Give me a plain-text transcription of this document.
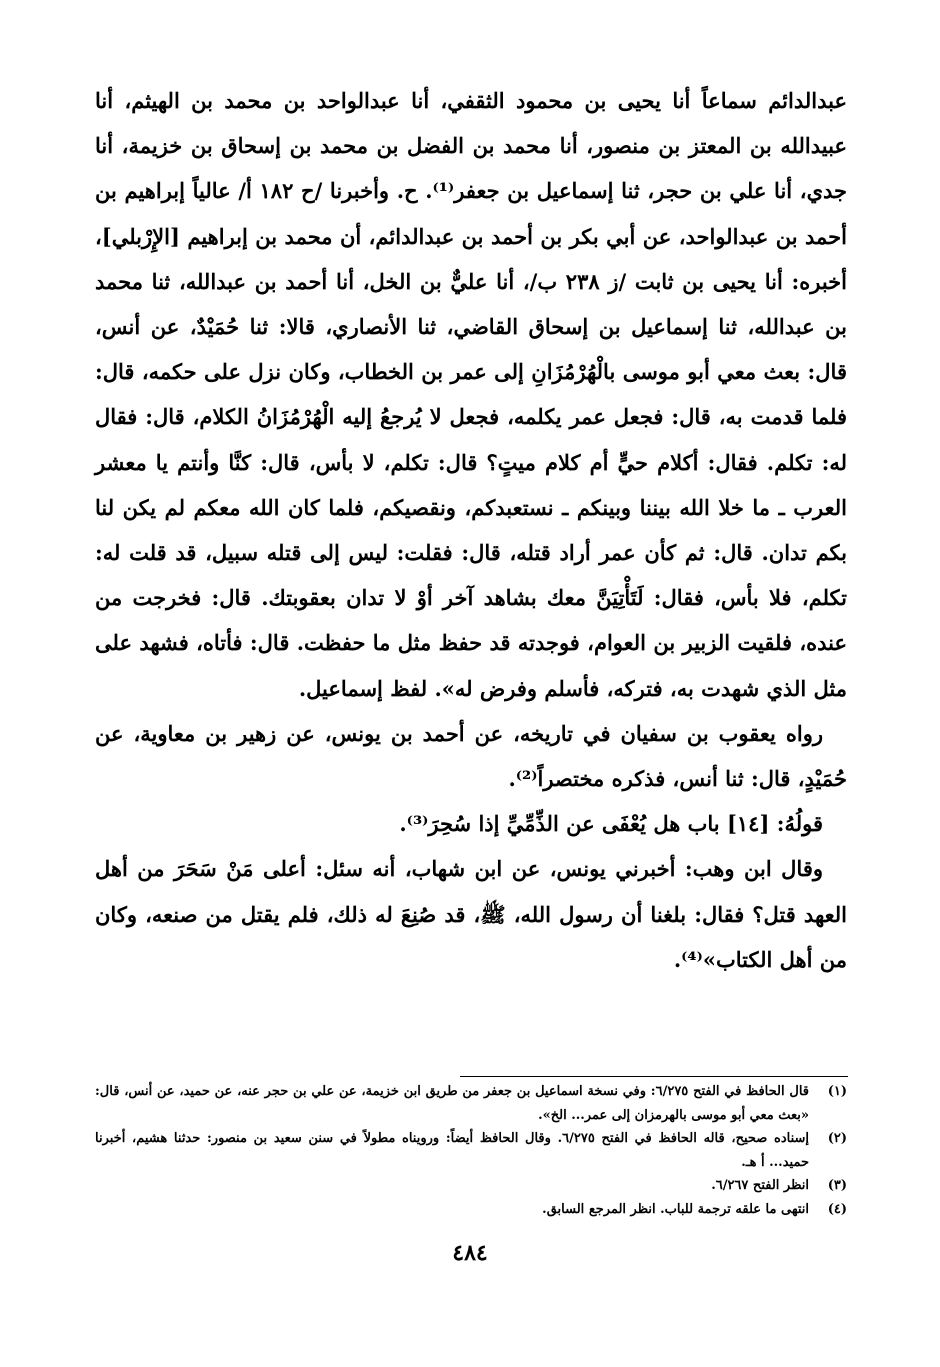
عبدالدائم سماعاً أنا يحيى بن محمود الثقفي، أنا عبدالواحد بن محمد بن الهيثم، أنا عبيدالله بن المعتز بن منصور، أنا محمد بن الفضل بن محمد بن إسحاق بن خزيمة، أنا جدي، أنا علي بن حجر، ثنا إسماعيل بن جعفر⁽¹⁾. ح. وأخبرنا /ح ١٨٢ أ/ عالياً إبراهيم بن أحمد بن عبدالواحد، عن أبي بكر بن أحمد بن عبدالدائم، أن محمد بن إبراهيم [الإِرْبلي]، أخبره: أنا يحيى بن ثابت /ز ٢٣٨ ب/، أنا عليٌّ بن الخل، أنا أحمد بن عبدالله، ثنا محمد بن عبدالله، ثنا إسماعيل بن إسحاق القاضي، ثنا الأنصاري، قالا: ثنا حُمَيْدٌ، عن أنس، قال: بعث معي أبو موسى بالْهُرْمُزَانِ إلى عمر بن الخطاب، وكان نزل على حكمه، قال: فلما قدمت به، قال: فجعل عمر يكلمه، فجعل لا يُرجعُ إليه الْهُرْمُزَانُ الكلام، قال: فقال له: تكلم. فقال: أكلام حيٍّ أم كلام ميتٍ؟ قال: تكلم، لا بأس، قال: كنَّا وأنتم يا معشر العرب ـ ما خلا الله بيننا وبينكم ـ نستعبدكم، ونقصيكم، فلما كان الله معكم لم يكن لنا بكم تدان. قال: ثم كأن عمر أراد قتله، قال: فقلت: ليس إلى قتله سبيل، قد قلت له: تكلم، فلا بأس، فقال: لَتَأْتِيَنَّ معك بشاهد آخر أوْ لا تدان بعقوبتك. قال: فخرجت من عنده، فلقيت الزبير بن العوام، فوجدته قد حفظ مثل ما حفظت. قال: فأتاه، فشهد على مثل الذي شهدت به، فتركه، فأسلم وفرض له». لفظ إسماعيل.

رواه يعقوب بن سفيان في تاريخه، عن أحمد بن يونس، عن زهير بن معاوية، عن حُمَيْدٍ، قال: ثنا أنس، فذكره مختصراً⁽²⁾.

قولُهُ: [١٤] باب هل يُعْفَى عن الذِّمِّيِّ إذا سُحِرَ⁽³⁾.

وقال ابن وهب: أخبرني يونس، عن ابن شهاب، أنه سئل: أعلى مَنْ سَحَرَ من أهل العهد قتل؟ فقال: بلغنا أن رسول الله، ﷺ، قد صُنِعَ له ذلك، فلم يقتل من صنعه، وكان من أهل الكتاب»⁽⁴⁾.

(١)
قال الحافظ في الفتح ٦/٢٧٥: وفي نسخة اسماعيل بن جعفر من طريق ابن خزيمة، عن علي بن حجر عنه، عن حميد، عن أنس، قال: «بعث معي أبو موسى بالهرمزان إلى عمر... الخ».
(٢)
إسناده صحيح، قاله الحافظ في الفتح ٦/٢٧٥. وقال الحافظ أيضاً: ورويناه مطولاً في سنن سعيد بن منصور: حدثنا هشيم، أخبرنا حميد... أ هـ.
(٣)
انظر الفتح ٦/٢٦٧.
(٤)
انتهى ما علقه ترجمة للباب. انظر المرجع السابق.
٤٨٤
